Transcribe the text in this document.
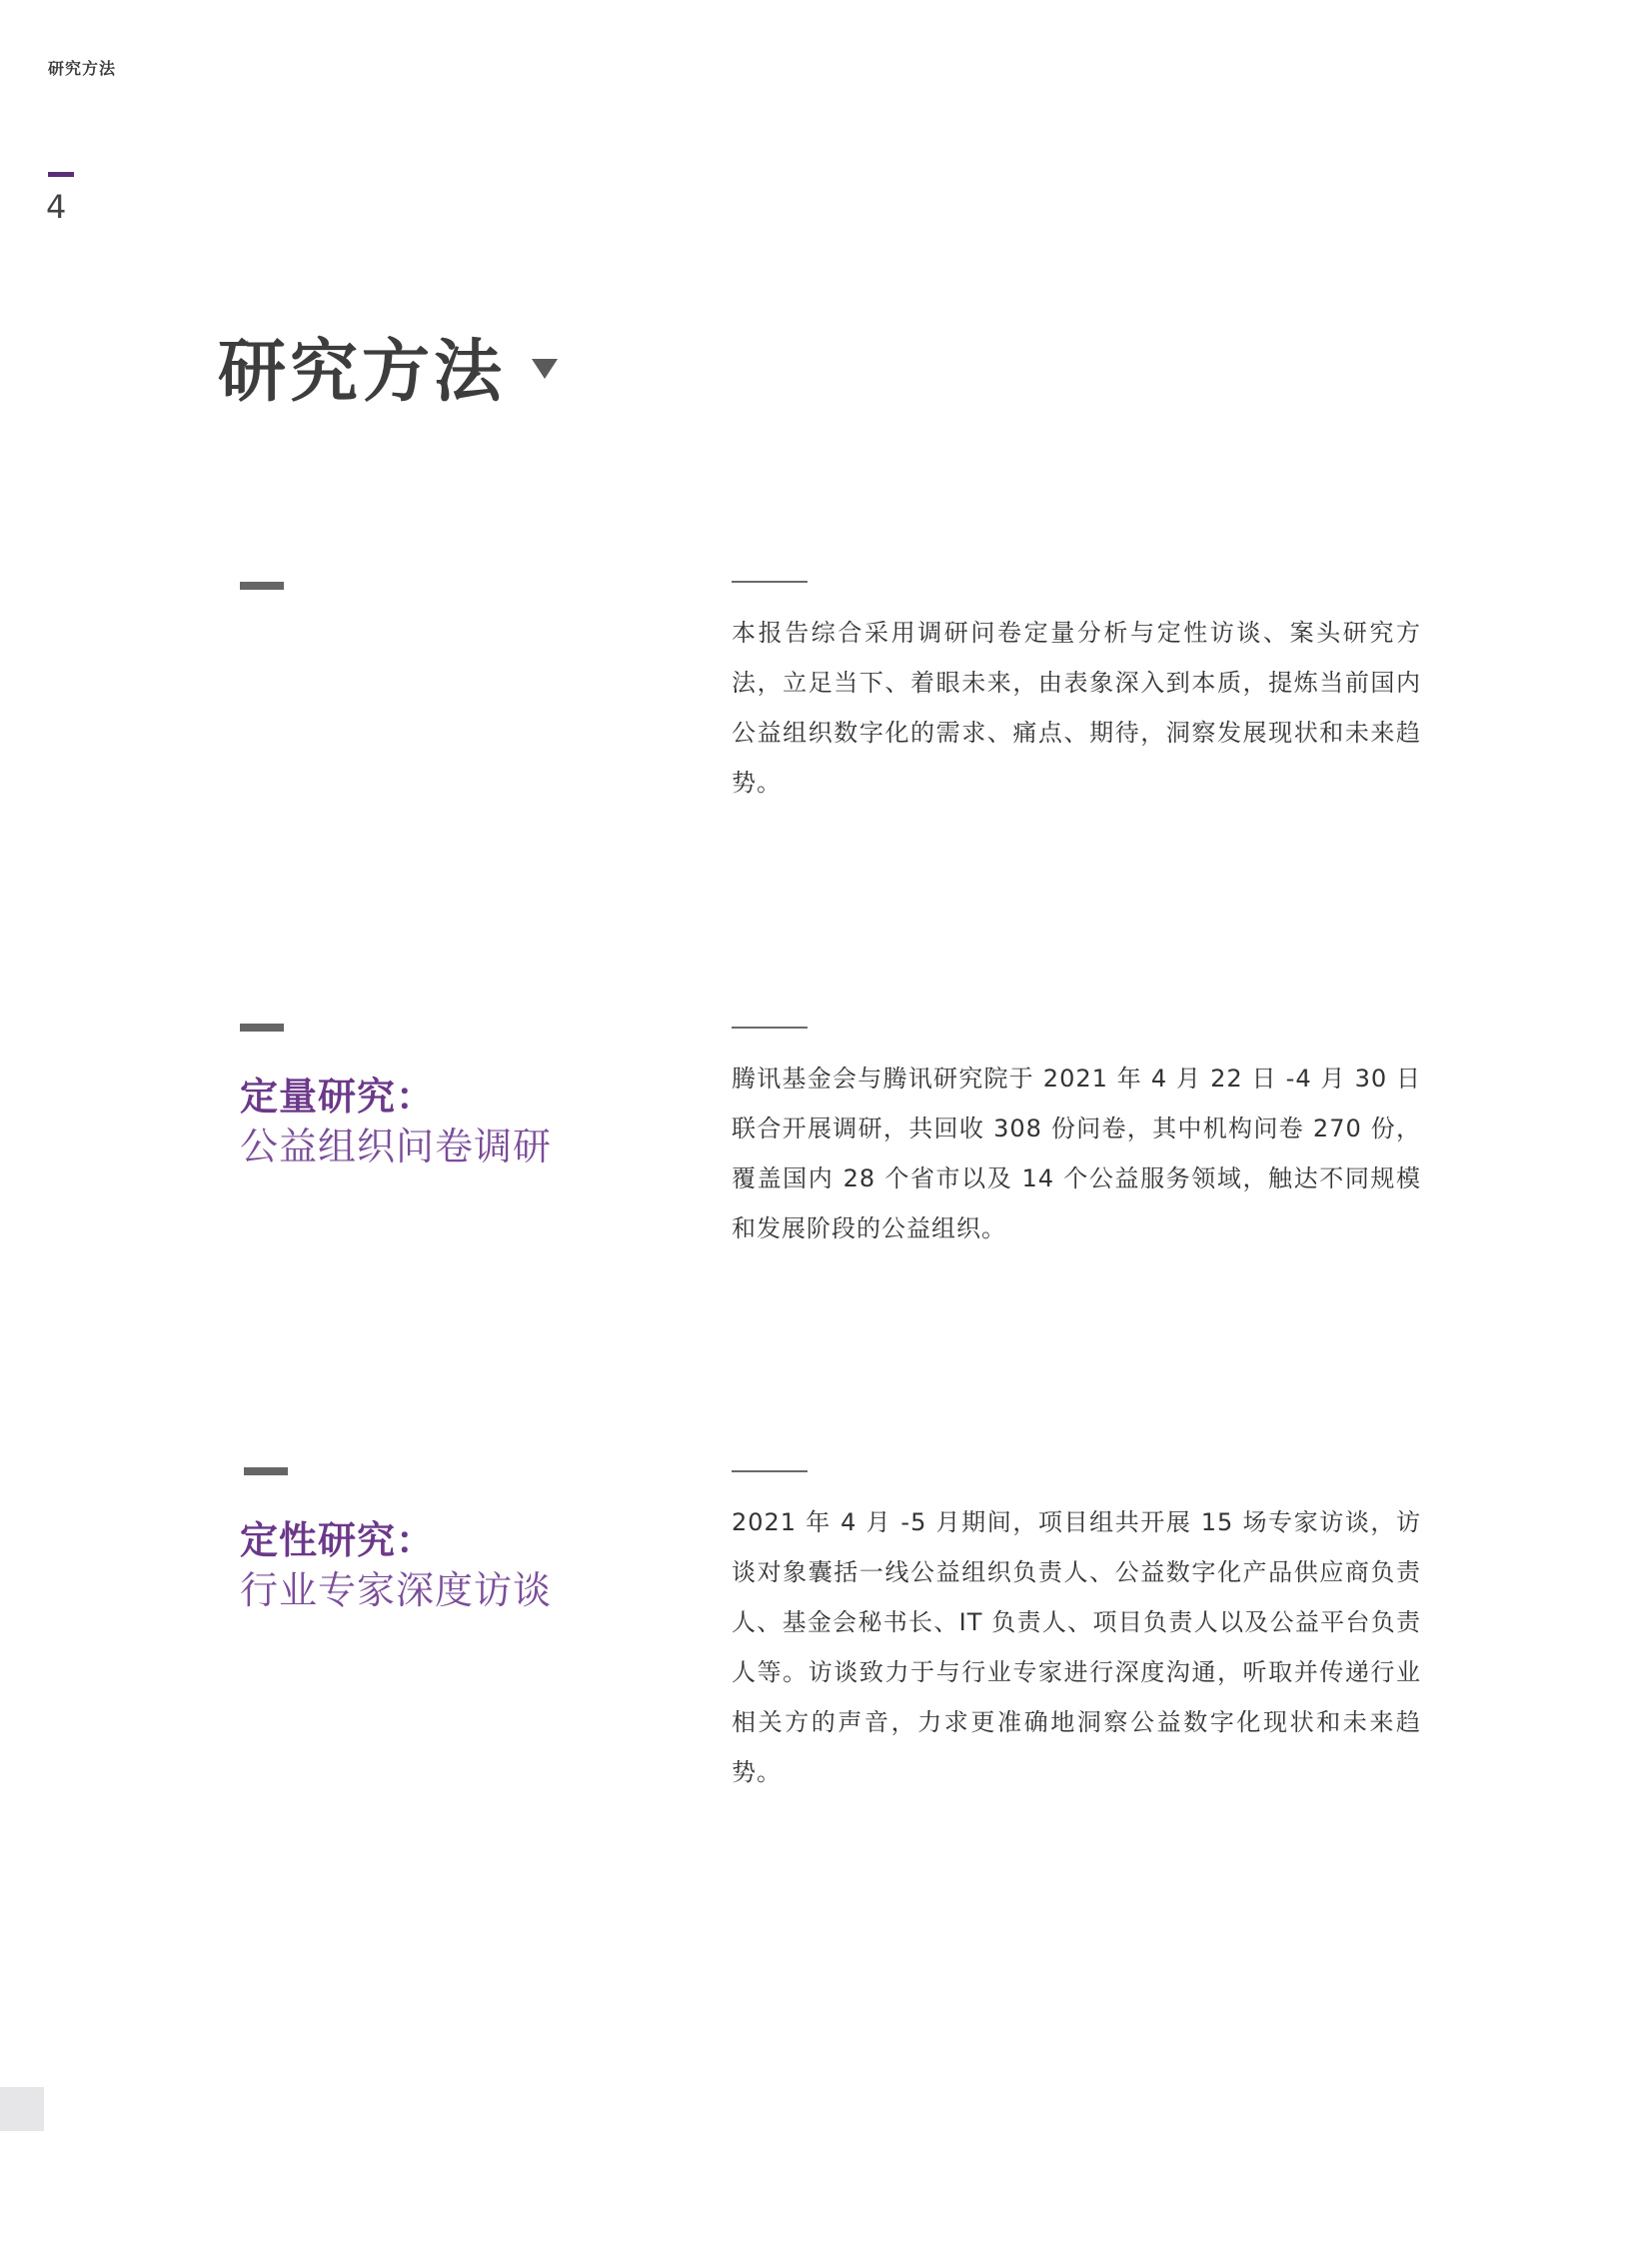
研究方法
4
研究方法
本报告综合采用调研问卷定量分析与定性访谈、案头研究方法，立足当下、着眼未来，由表象深入到本质，提炼当前国内公益组织数字化的需求、痛点、期待，洞察发展现状和未来趋势。
定量研究：
公益组织问卷调研
腾讯基金会与腾讯研究院于 2021 年 4 月 22 日 -4 月 30 日联合开展调研，共回收 308 份问卷，其中机构问卷 270 份，覆盖国内 28 个省市以及 14 个公益服务领域，触达不同规模和发展阶段的公益组织。
定性研究：
行业专家深度访谈
2021 年 4 月 -5 月期间，项目组共开展 15 场专家访谈，访谈对象囊括一线公益组织负责人、公益数字化产品供应商负责人、基金会秘书长、IT 负责人、项目负责人以及公益平台负责人等。访谈致力于与行业专家进行深度沟通，听取并传递行业相关方的声音，力求更准确地洞察公益数字化现状和未来趋势。
